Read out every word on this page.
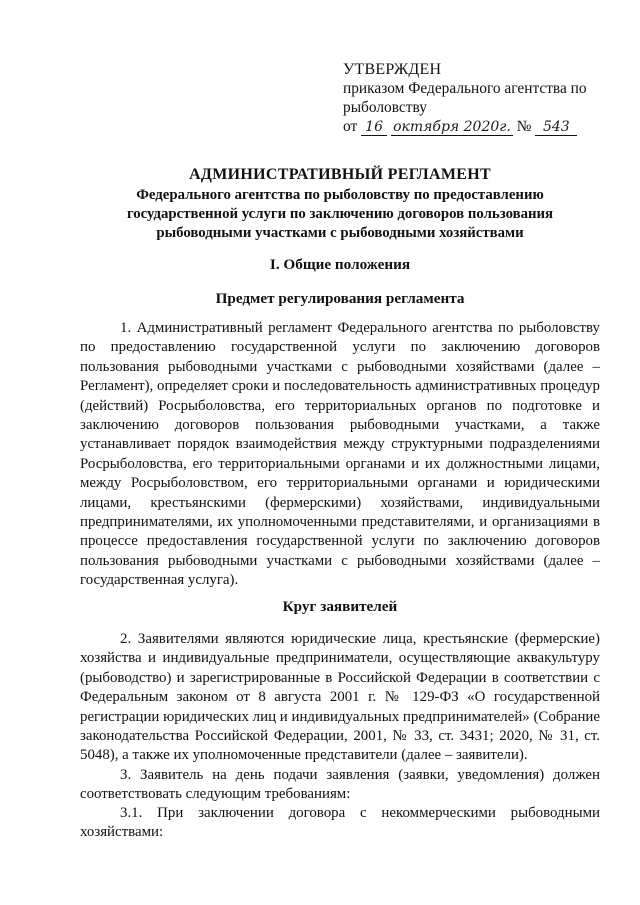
УТВЕРЖДЕН
приказом Федерального агентства по
рыболовству
от 16 октября 2020г. № 543
АДМИНИСТРАТИВНЫЙ РЕГЛАМЕНТ
Федерального агентства по рыболовству по предоставлению государственной услуги по заключению договоров пользования рыбоводными участками с рыбоводными хозяйствами
I. Общие положения
Предмет регулирования регламента
1. Административный регламент Федерального агентства по рыболовству по предоставлению государственной услуги по заключению договоров пользования рыбоводными участками с рыбоводными хозяйствами (далее – Регламент), определяет сроки и последовательность административных процедур (действий) Росрыболовства, его территориальных органов по подготовке и заключению договоров пользования рыбоводными участками, а также устанавливает порядок взаимодействия между структурными подразделениями Росрыболовства, его территориальными органами и их должностными лицами, между Росрыболовством, его территориальными органами и юридическими лицами, крестьянскими (фермерскими) хозяйствами, индивидуальными предпринимателями, их уполномоченными представителями, и организациями в процессе предоставления государственной услуги по заключению договоров пользования рыбоводными участками с рыбоводными хозяйствами (далее – государственная услуга).
Круг заявителей
2. Заявителями являются юридические лица, крестьянские (фермерские) хозяйства и индивидуальные предприниматели, осуществляющие аквакультуру (рыбоводство) и зарегистрированные в Российской Федерации в соответствии с Федеральным законом от 8 августа 2001 г. № 129-ФЗ «О государственной регистрации юридических лиц и индивидуальных предпринимателей» (Собрание законодательства Российской Федерации, 2001, № 33, ст. 3431; 2020, № 31, ст. 5048), а также их уполномоченные представители (далее – заявители).
3. Заявитель на день подачи заявления (заявки, уведомления) должен соответствовать следующим требованиям:
3.1. При заключении договора с некоммерческими рыбоводными хозяйствами:
